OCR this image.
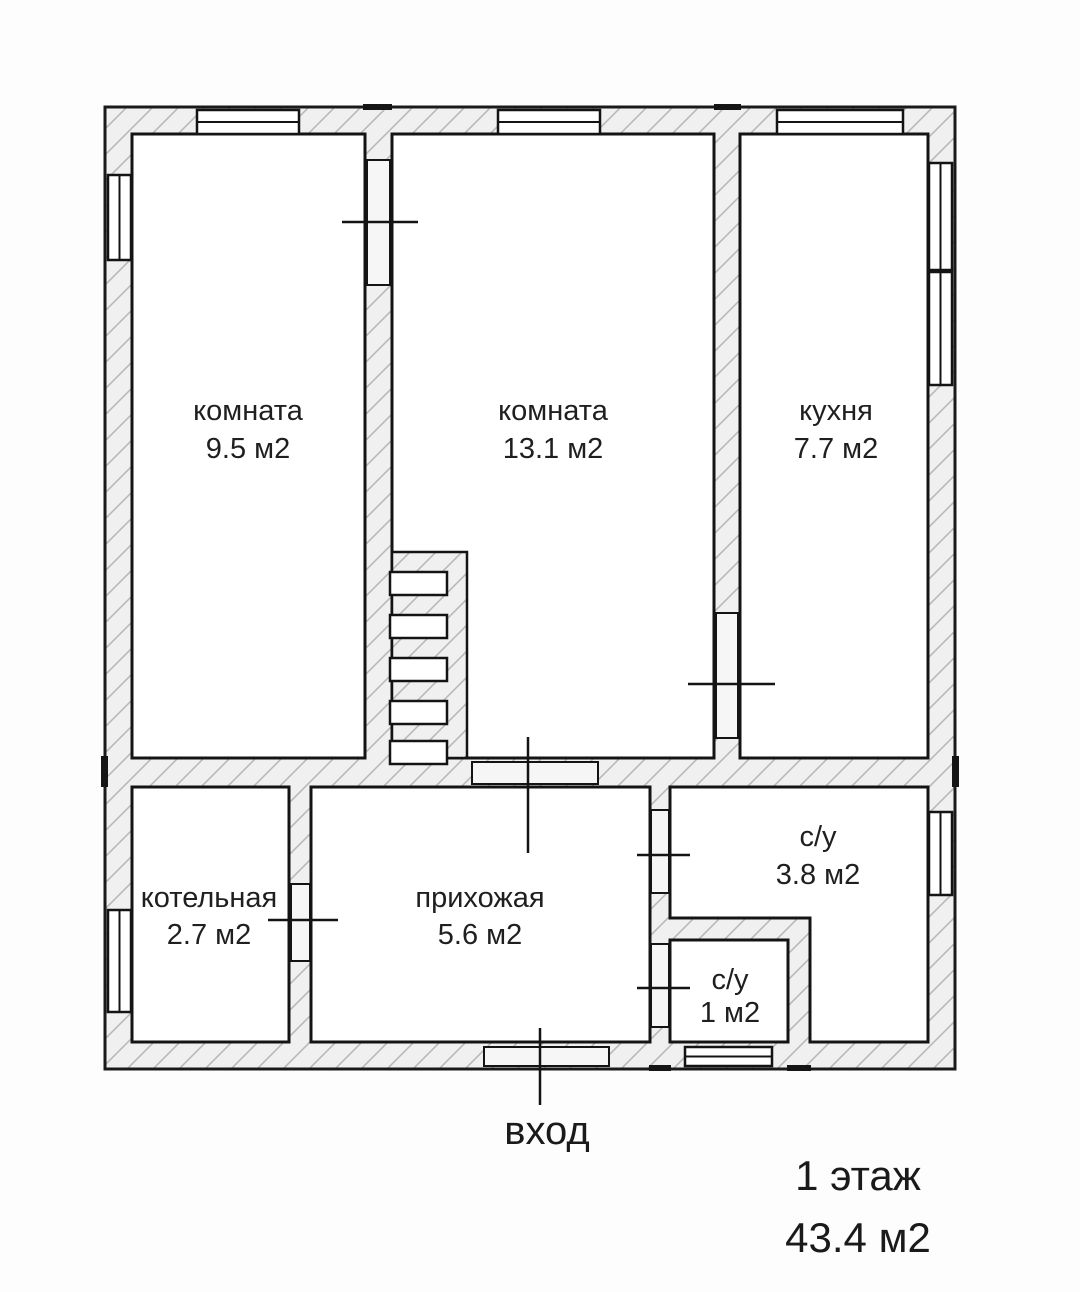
комната
9.5 м2
комната
13.1 м2
кухня
7.7 м2
котельная
2.7 м2
прихожая
5.6 м2
с/у
3.8 м2
с/у
1 м2
вход
1 этаж
43.4 м2
